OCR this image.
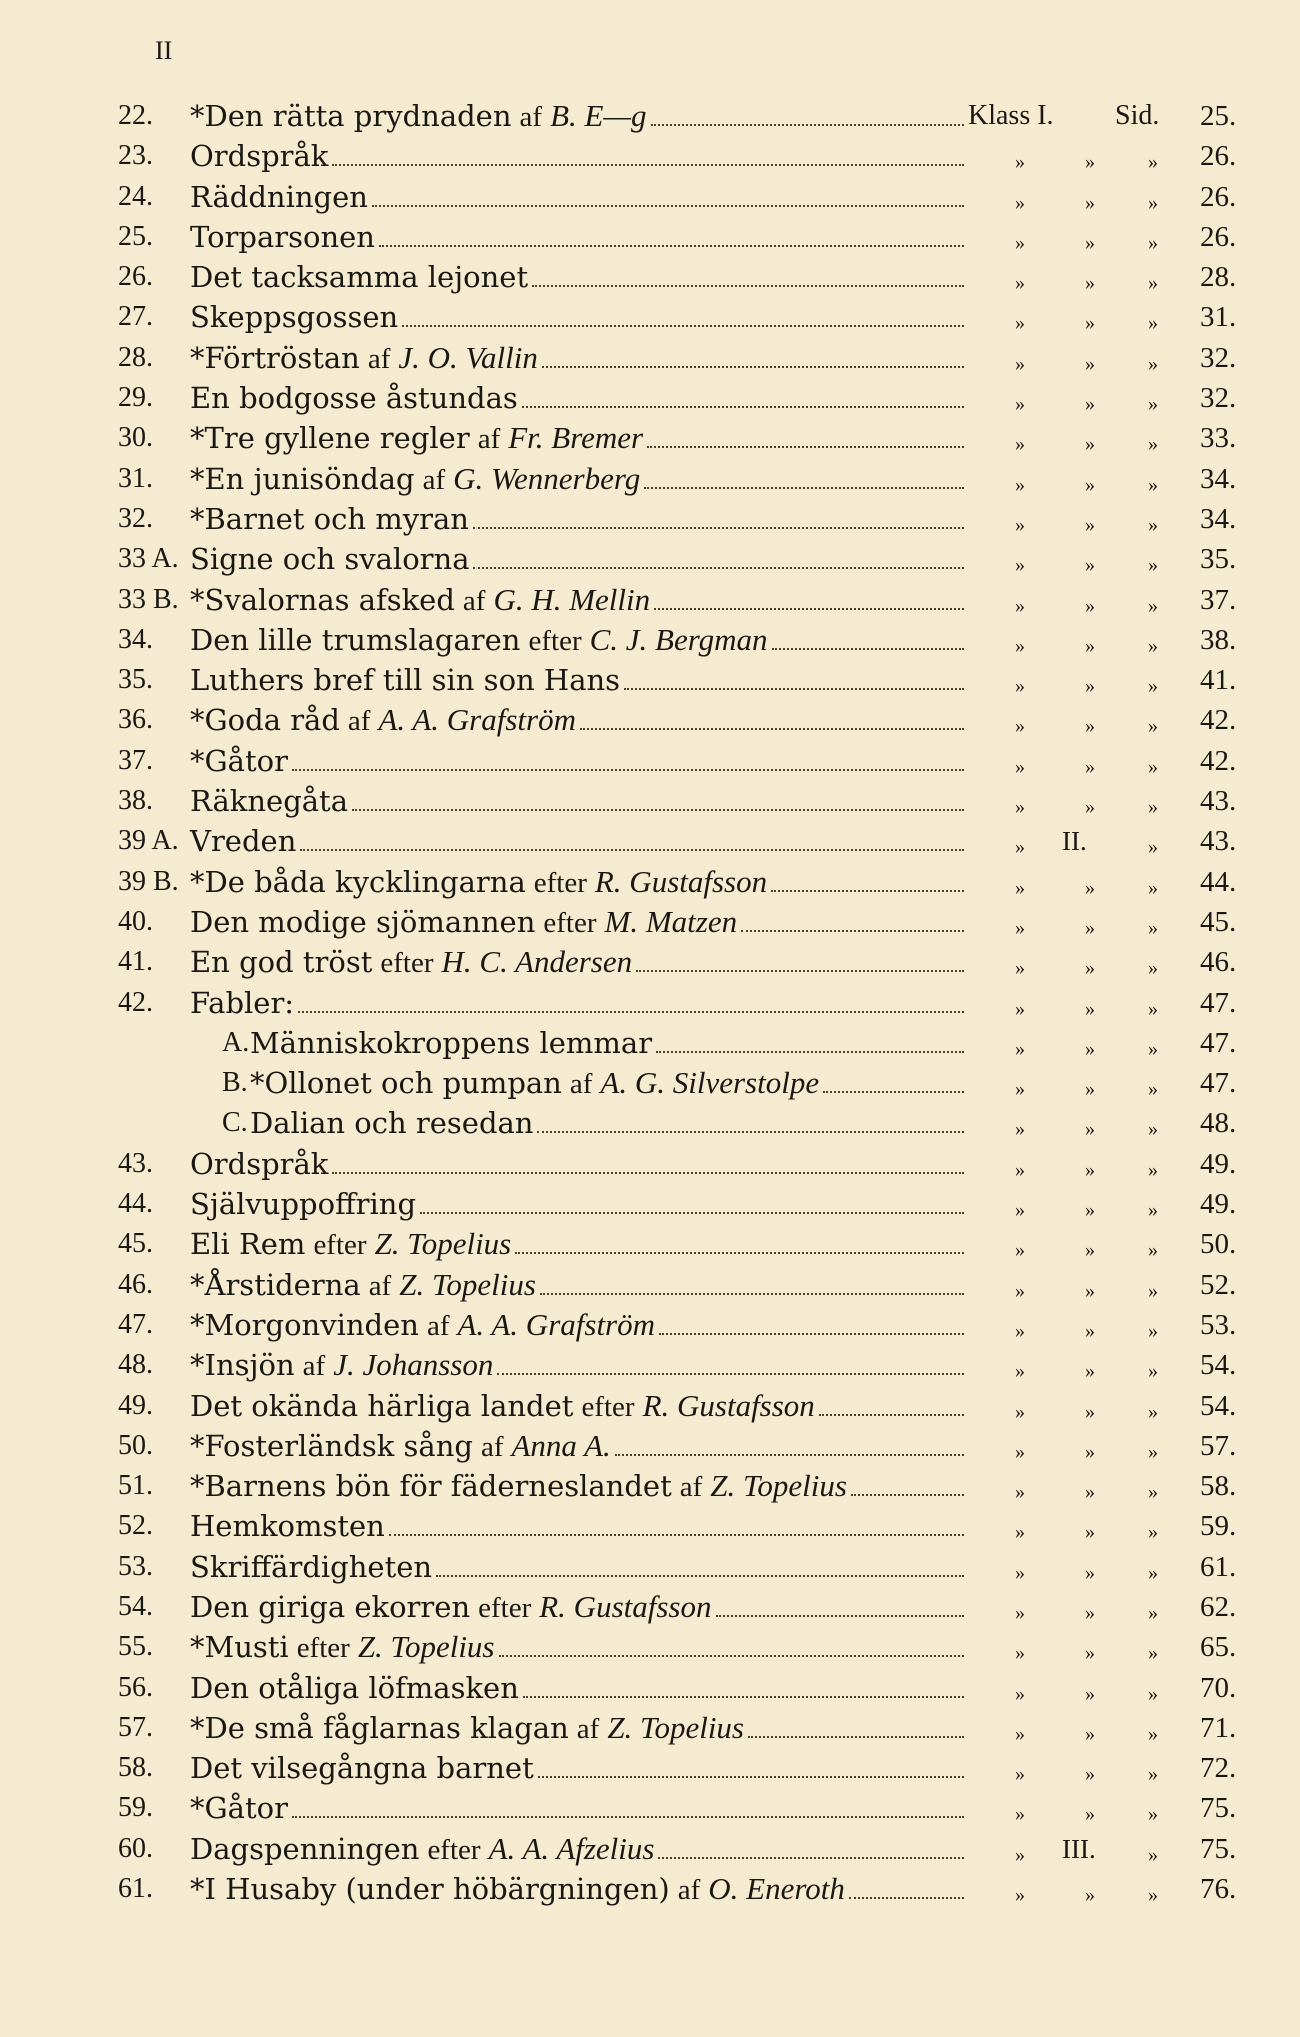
II
22. *Den rätta prydnaden af B. E—g	Klass I. Sid. 25.
23. Ordspråk	»	»	» 26.
24. Räddningen	»	»	» 26.
25. Torparsonen	»	»	» 26.
26. Det tacksamma lejonet	»	»	» 28.
27. Skeppsgossen	»	»	» 31.
28. *Förtröstan af J. O. Vallin	»	»	» 32.
29. En bodgosse åstundas	»	»	» 32.
30. *Tre gyllene regler af Fr. Bremer	»	»	» 33.
31. *En junisöndag af G. Wennerberg	»	»	» 34.
32. *Barnet och myran	»	»	» 34.
33 A. Signe och svalorna	»	»	» 35.
33 B. *Svalornas afsked af G. H. Mellin	»	»	» 37.
34. Den lille trumslagaren efter C. J. Bergman	»	»	» 38.
35. Luthers bref till sin son Hans	»	»	» 41.
36. *Goda råd af A. A. Grafström	»	»	» 42.
37. *Gåtor	»	»	» 42.
38. Räknegåta	»	»	» 43.
39 A. Vreden	» II.	» 43.
39 B. *De båda kycklingarna efter R. Gustafsson	»	»	» 44.
40. Den modige sjömannen efter M. Matzen	»	»	» 45.
41. En god tröst efter H. C. Andersen	»	»	» 46.
42. Fabler:	»	»	» 47.
A. Människokroppens lemmar	»	»	» 47.
B. *Ollonet och pumpan af A. G. Silverstolpe	»	»	» 47.
C. Dalian och resedan	»	»	» 48.
43. Ordspråk	»	»	» 49.
44. Självuppoffring	»	»	» 49.
45. Eli Rem efter Z. Topelius	»	»	» 50.
46. *Årstiderna af Z. Topelius	»	»	» 52.
47. *Morgonvinden af A. A. Grafström	»	»	» 53.
48. *Insjön af J. Johansson	»	»	» 54.
49. Det okända härliga landet efter R. Gustafsson	»	»	» 54.
50. *Fosterländsk sång af Anna A.	»	»	» 57.
51. *Barnens bön för fäderneslandet af Z. Topelius	»	»	» 58.
52. Hemkomsten	»	»	» 59.
53. Skriffärdigheten	»	»	» 61.
54. Den giriga ekorren efter R. Gustafsson	»	»	» 62.
55. *Musti efter Z. Topelius	»	»	» 65.
56. Den otåliga löfmasken	»	»	» 70.
57. *De små fåglarnas klagan af Z. Topelius	»	»	» 71.
58. Det vilsegångna barnet	»	»	» 72.
59. *Gåtor	»	»	» 75.
60. Dagspenningen efter A. A. Afzelius	» III.	» 75.
61. *I Husaby (under höbärgningen) af O. Eneroth	»	»	» 76.
